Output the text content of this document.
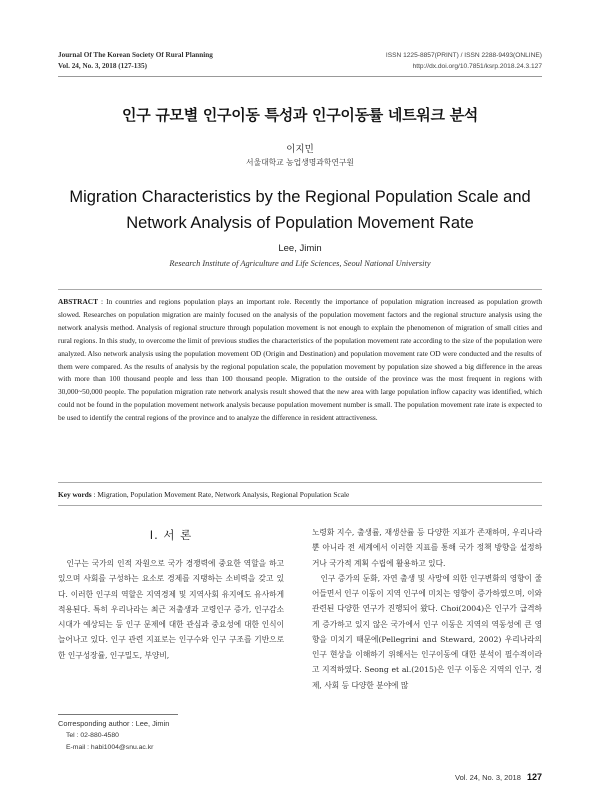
Journal Of The Korean Society Of Rural Planning
Vol. 24, No. 3, 2018 (127-135)
ISSN 1225-8857(PRINT) / ISSN 2288-9493(ONLINE)
http://dx.doi.org/10.7851/ksrp.2018.24.3.127
인구 규모별 인구이동 특성과 인구이동률 네트워크 분석
이지민
서울대학교 농업생명과학연구원
Migration Characteristics by the Regional Population Scale and
Network Analysis of Population Movement Rate
Lee, Jimin
Research Institute of Agriculture and Life Sciences, Seoul National University
ABSTRACT : In countries and regions population plays an important role. Recently the importance of population migration increased as population growth slowed. Researches on population migration are mainly focused on the analysis of the population movement factors and the regional structure analysis using the network analysis method. Analysis of regional structure through population movement is not enough to explain the phenomenon of migration of small cities and rural regions. In this study, to overcome the limit of previous studies the characteristics of the population movement rate according to the size of the population were analyzed. Also network analysis using the population movement OD (Origin and Destination) and population movement rate OD were conducted and the results of them were compared. As the results of analysis by the regional population scale, the population movement by population size showed a big difference in the areas with more than 100 thousand people and less than 100 thousand people. Migration to the outside of the province was the most frequent in regions with 30,000~50,000 people. The population migration rate network analysis result showed that the new area with large population inflow capacity was identified, which could not be found in the population movement network analysis because population movement number is small. The population movement rate irate is expected to be used to identify the central regions of the province and to analyze the difference in resident attractiveness.
Key words : Migration, Population Movement Rate, Network Analysis, Regional Population Scale
Ⅰ. 서 론

인구는 국가의 인적 자원으로 국가 경쟁력에 중요한 역할을 하고 있으며 사회를 구성하는 요소로 경제를 지탱하는 소비력을 갖고 있다. 이러한 인구의 역할은 지역경제 및 지역사회 유지에도 유사하게 적용된다. 특히 우리나라는 최근 저출생과 고령인구 증가, 인구감소 시대가 예상되는 등 인구 문제에 대한 관심과 중요성에 대한 인식이 늘어나고 있다. 인구 관련 지표로는 인구수와 인구 구조를 기반으로 한 인구성장률, 인구밀도, 부양비,

노령화 지수, 출생률, 재생산률 등 다양한 지표가 존재하며, 우리나라 뿐 아니라 전 세계에서 이러한 지표를 통해 국가 정책 방향을 설정하거나 국가적 계획 수립에 활용하고 있다.

인구 증가의 둔화, 자연 출생 및 사망에 의한 인구변화의 영향이 줄어들면서 인구 이동이 지역 인구에 미치는 영향이 증가하였으며, 이와 관련된 다양한 연구가 진행되어 왔다. Choi(2004)은 인구가 급격하게 증가하고 있지 않은 국가에서 인구 이동은 지역의 역동성에 큰 영향을 미치기 때문에(Pellegrini and Steward, 2002) 우리나라의 인구 현상을 이해하기 위해서는 인구이동에 대한 분석이 필수적이라고 지적하였다. Seong et al.(2015)은 인구 이동은 지역의 인구, 경제, 사회 등 다양한 분야에 많

Corresponding author : Lee, Jimin
Tel : 02-880-4580
E-mail : habi1004@snu.ac.kr
Vol. 24, No. 3, 2018 127
